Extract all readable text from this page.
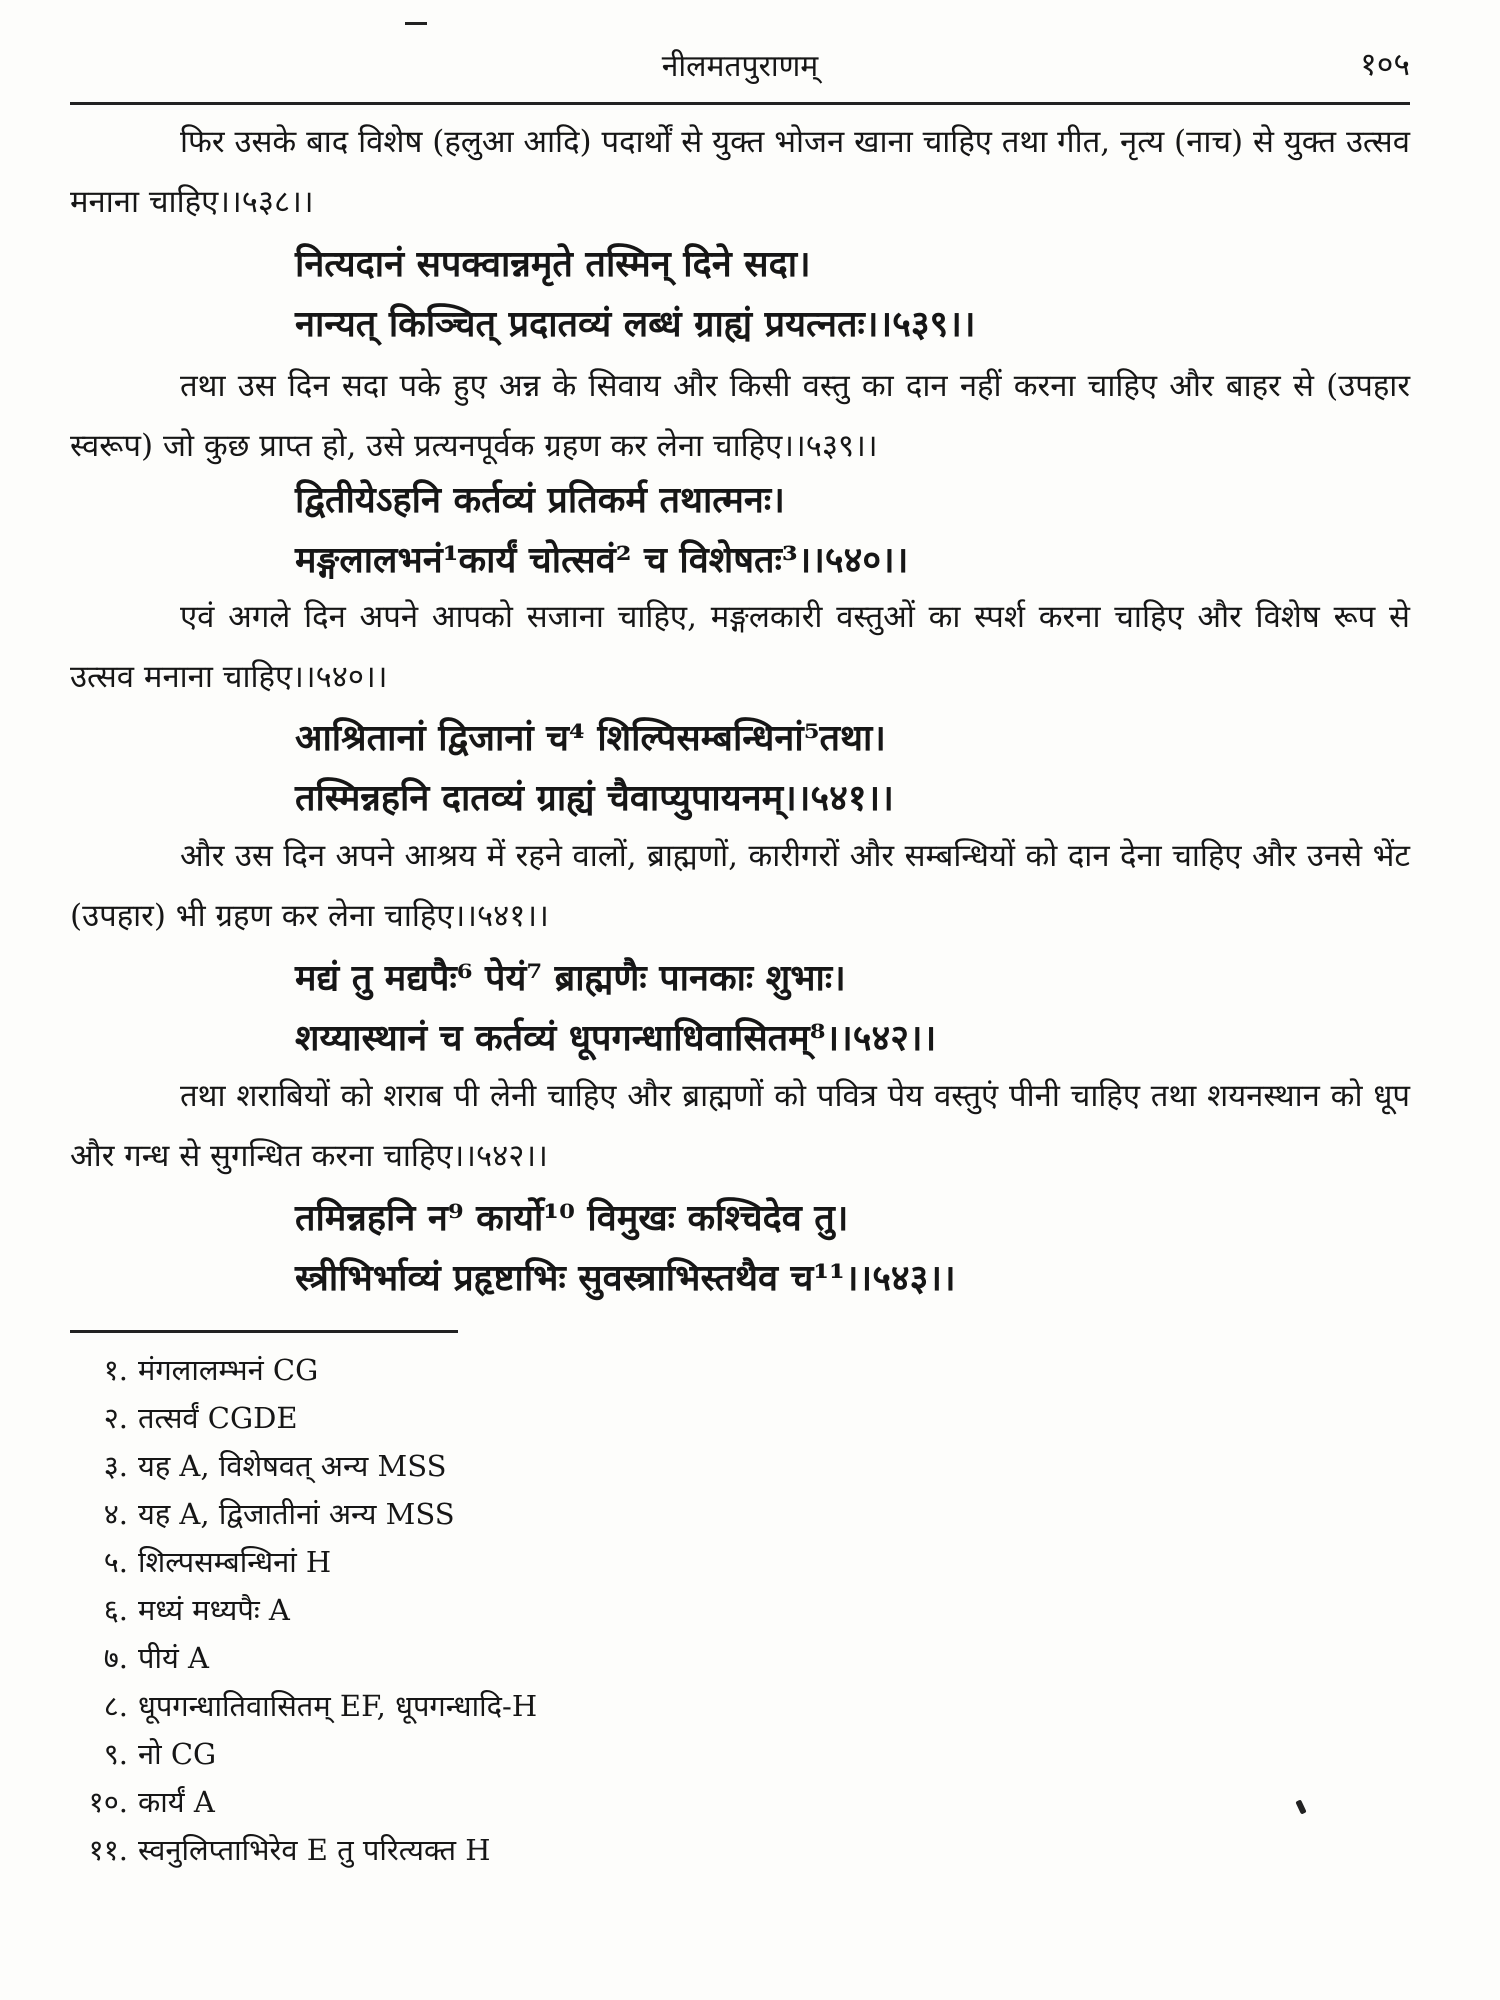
नीलमतपुराणम्	१०५
फिर उसके बाद विशेष (हलुआ आदि) पदार्थों से युक्त भोजन खाना चाहिए तथा गीत, नृत्य (नाच) से युक्त उत्सव मनाना चाहिए।।५३८।।
नित्यदानं सपक्वान्नमृते तस्मिन् दिने सदा।
नान्यत् किञ्चित् प्रदातव्यं लब्धं ग्राह्यं प्रयत्नतः।।५३९।।
तथा उस दिन सदा पके हुए अन्न के सिवाय और किसी वस्तु का दान नहीं करना चाहिए और बाहर से (उपहार स्वरूप) जो कुछ प्राप्त हो, उसे प्रत्यनपूर्वक ग्रहण कर लेना चाहिए।।५३९।।
द्वितीयेऽहनि कर्तव्यं प्रतिकर्म तथात्मनः।
मङ्गलालभनं¹कार्यं चोत्सवं² च विशेषतः³।।५४०।।
एवं अगले दिन अपने आपको सजाना चाहिए, मङ्गलकारी वस्तुओं का स्पर्श करना चाहिए और विशेष रूप से उत्सव मनाना चाहिए।।५४०।।
आश्रितानां द्विजानां च⁴ शिल्पिसम्बन्धिनां⁵तथा।
तस्मिन्नहनि दातव्यं ग्राह्यं चैवाप्युपायनम्।।५४१।।
और उस दिन अपने आश्रय में रहने वालों, ब्राह्मणों, कारीगरों और सम्बन्धियों को दान देना चाहिए और उनसे भेंट (उपहार) भी ग्रहण कर लेना चाहिए।।५४१।।
मद्यं तु मद्यपैः⁶ पेयं⁷ ब्राह्मणैः पानकाः शुभाः।
शय्यास्थानं च कर्तव्यं धूपगन्धाधिवासितम्⁸।।५४२।।
तथा शराबियों को शराब पी लेनी चाहिए और ब्राह्मणों को पवित्र पेय वस्तुएं पीनी चाहिए तथा शयनस्थान को धूप और गन्ध से सुगन्धित करना चाहिए।।५४२।।
तमिन्नहनि न⁹ कार्यो¹⁰ विमुखः कश्चिदेव तु।
स्त्रीभिर्भाव्यं प्रहृष्टाभिः सुवस्त्राभिस्तथैव च¹¹।।५४३।।
१. मंगलालम्भनं CG
२. तत्सर्वं CGDE
३. यह A, विशेषवत् अन्य MSS
४. यह A, द्विजातीनां अन्य MSS
५. शिल्पसम्बन्धिनां H
६. मध्यं मध्यपैः A
७. पीयं A
८. धूपगन्धातिवासितम् EF, धूपगन्धादि-H
९. नो CG
१०. कार्यं A
११. स्वनुलिप्ताभिरेव E तु परित्यक्त H
